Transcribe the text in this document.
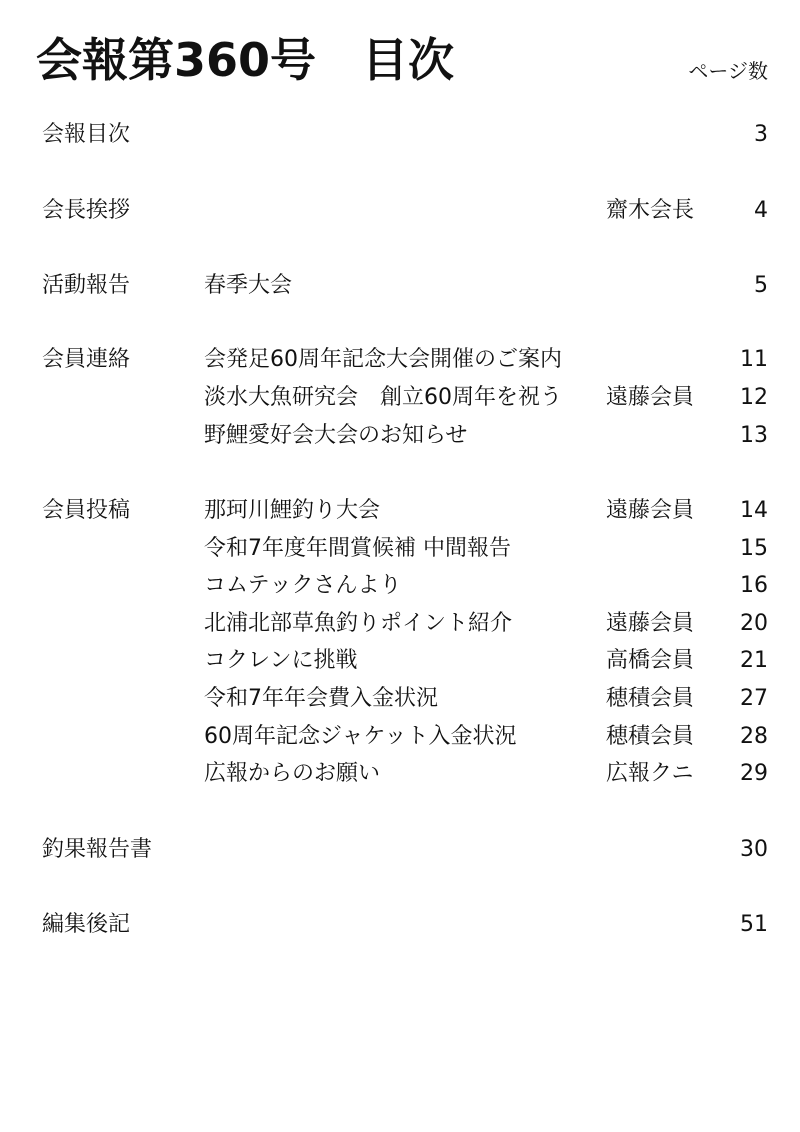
会報第360号　目次	ページ数
会報目次	3
会長挨拶	齋木会長	4
活動報告	春季大会	5
会員連絡	会発足60周年記念大会開催のご案内	11
淡水大魚研究会　創立60周年を祝う 遠藤会員 12
野鯉愛好会大会のお知らせ	13
会員投稿	那珂川鯉釣り大会	遠藤会員 14
令和7年度年間賞候補 中間報告	15
コムテックさんより	16
北浦北部草魚釣りポイント紹介	遠藤会員 20
コクレンに挑戦	高橋会員 21
令和7年年会費入金状況	穂積会員 27
60周年記念ジャケット入金状況	穂積会員 28
広報からのお願い	広報クニ 29
釣果報告書	30
編集後記	51
